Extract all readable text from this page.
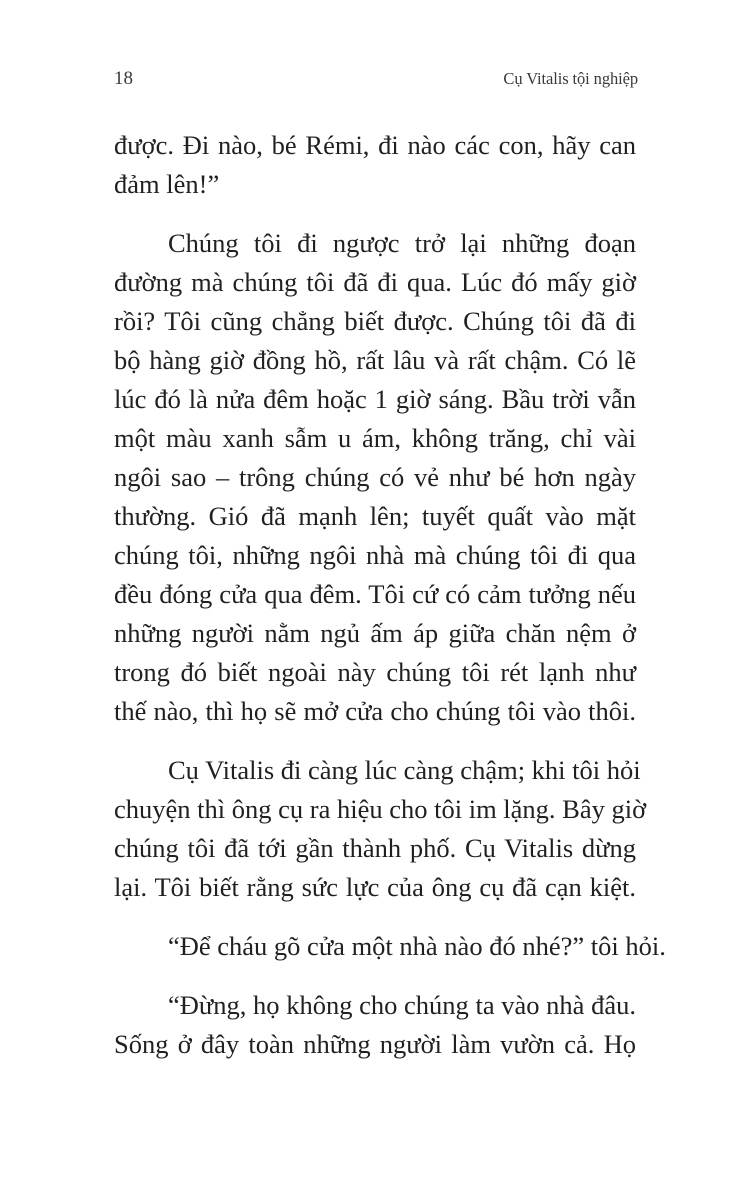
18	Cụ Vitalis tội nghiệp

được. Đi nào, bé Rémi, đi nào các con, hãy can
đảm lên!”

Chúng tôi đi ngược trở lại những đoạn
đường mà chúng tôi đã đi qua. Lúc đó mấy giờ
rồi? Tôi cũng chẳng biết được. Chúng tôi đã đi
bộ hàng giờ đồng hồ, rất lâu và rất chậm. Có lẽ
lúc đó là nửa đêm hoặc 1 giờ sáng. Bầu trời vẫn
một màu xanh sẫm u ám, không trăng, chỉ vài
ngôi sao – trông chúng có vẻ như bé hơn ngày
thường. Gió đã mạnh lên; tuyết quất vào mặt
chúng tôi, những ngôi nhà mà chúng tôi đi qua
đều đóng cửa qua đêm. Tôi cứ có cảm tưởng nếu
những người nằm ngủ ấm áp giữa chăn nệm ở
trong đó biết ngoài này chúng tôi rét lạnh như
thế nào, thì họ sẽ mở cửa cho chúng tôi vào thôi.

Cụ Vitalis đi càng lúc càng chậm; khi tôi hỏi
chuyện thì ông cụ ra hiệu cho tôi im lặng. Bây giờ
chúng tôi đã tới gần thành phố. Cụ Vitalis dừng
lại. Tôi biết rằng sức lực của ông cụ đã cạn kiệt.

“Để cháu gõ cửa một nhà nào đó nhé?” tôi hỏi.

“Đừng, họ không cho chúng ta vào nhà đâu.
Sống ở đây toàn những người làm vườn cả. Họ
